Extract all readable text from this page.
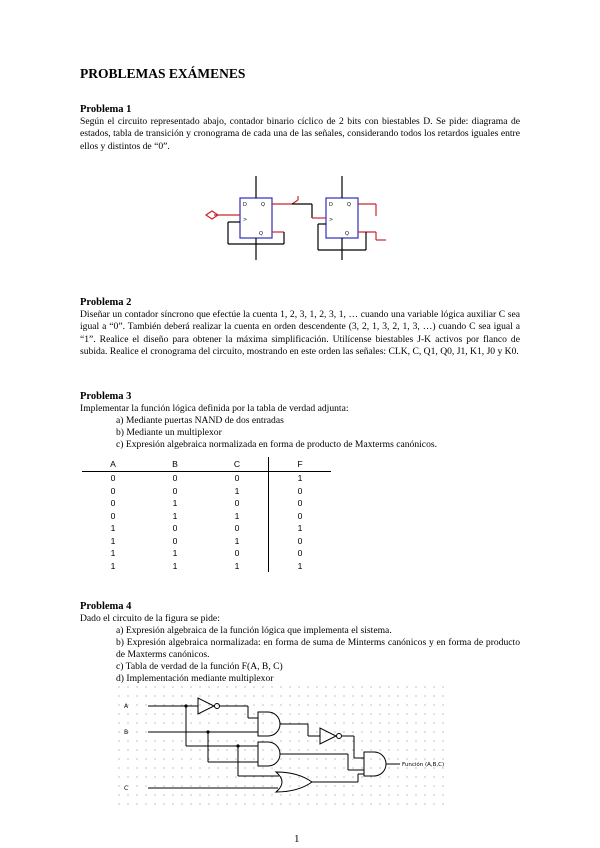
PROBLEMAS EXÁMENES
Problema 1
Según el circuito representado abajo, contador binario cíclico de 2 bits con biestables D. Se pide: diagrama de estados, tabla de transición y cronograma de cada una de las señales, considerando todos los retardos iguales entre ellos y distintos de “0”.
D	Q
>
Q
D	Q
>
Q
Problema 2
Diseñar un contador síncrono que efectúe la cuenta 1, 2, 3, 1, 2, 3, 1, … cuando una variable lógica auxiliar C sea igual a “0”. También deberá realizar la cuenta en orden descendente (3, 2, 1, 3, 2, 1, 3, …) cuando C sea igual a “1”. Realice el diseño para obtener la máxima simplificación. Utilícense biestables J-K activos por flanco de subida. Realice el cronograma del circuito, mostrando en este orden las señales: CLK, C, Q1, Q0, J1, K1, J0 y K0.
Problema 3
Implementar la función lógica definida por la tabla de verdad adjunta:
a) Mediante puertas NAND de dos entradas
b) Mediante un multiplexor
c) Expresión algebraica normalizada en forma de producto de Maxterms canónicos.
A	B	C	F
0	0	0	1
0	0	1	0
0	1	0	0
0	1	1	0
1	0	0	1
1	0	1	0
1	1	0	0
1	1	1	1
Problema 4
Dado el circuito de la figura se pide:
a) Expresión algebraica de la función lógica que implementa el sistema.
b) Expresión algebraica normalizada: en forma de suma de Minterms canónicos y en forma de producto de Maxterms canónicos.
c) Tabla de verdad de la función F(A, B, C)
d) Implementación mediante multiplexor
A
B
C
Función (A,B,C)
1
